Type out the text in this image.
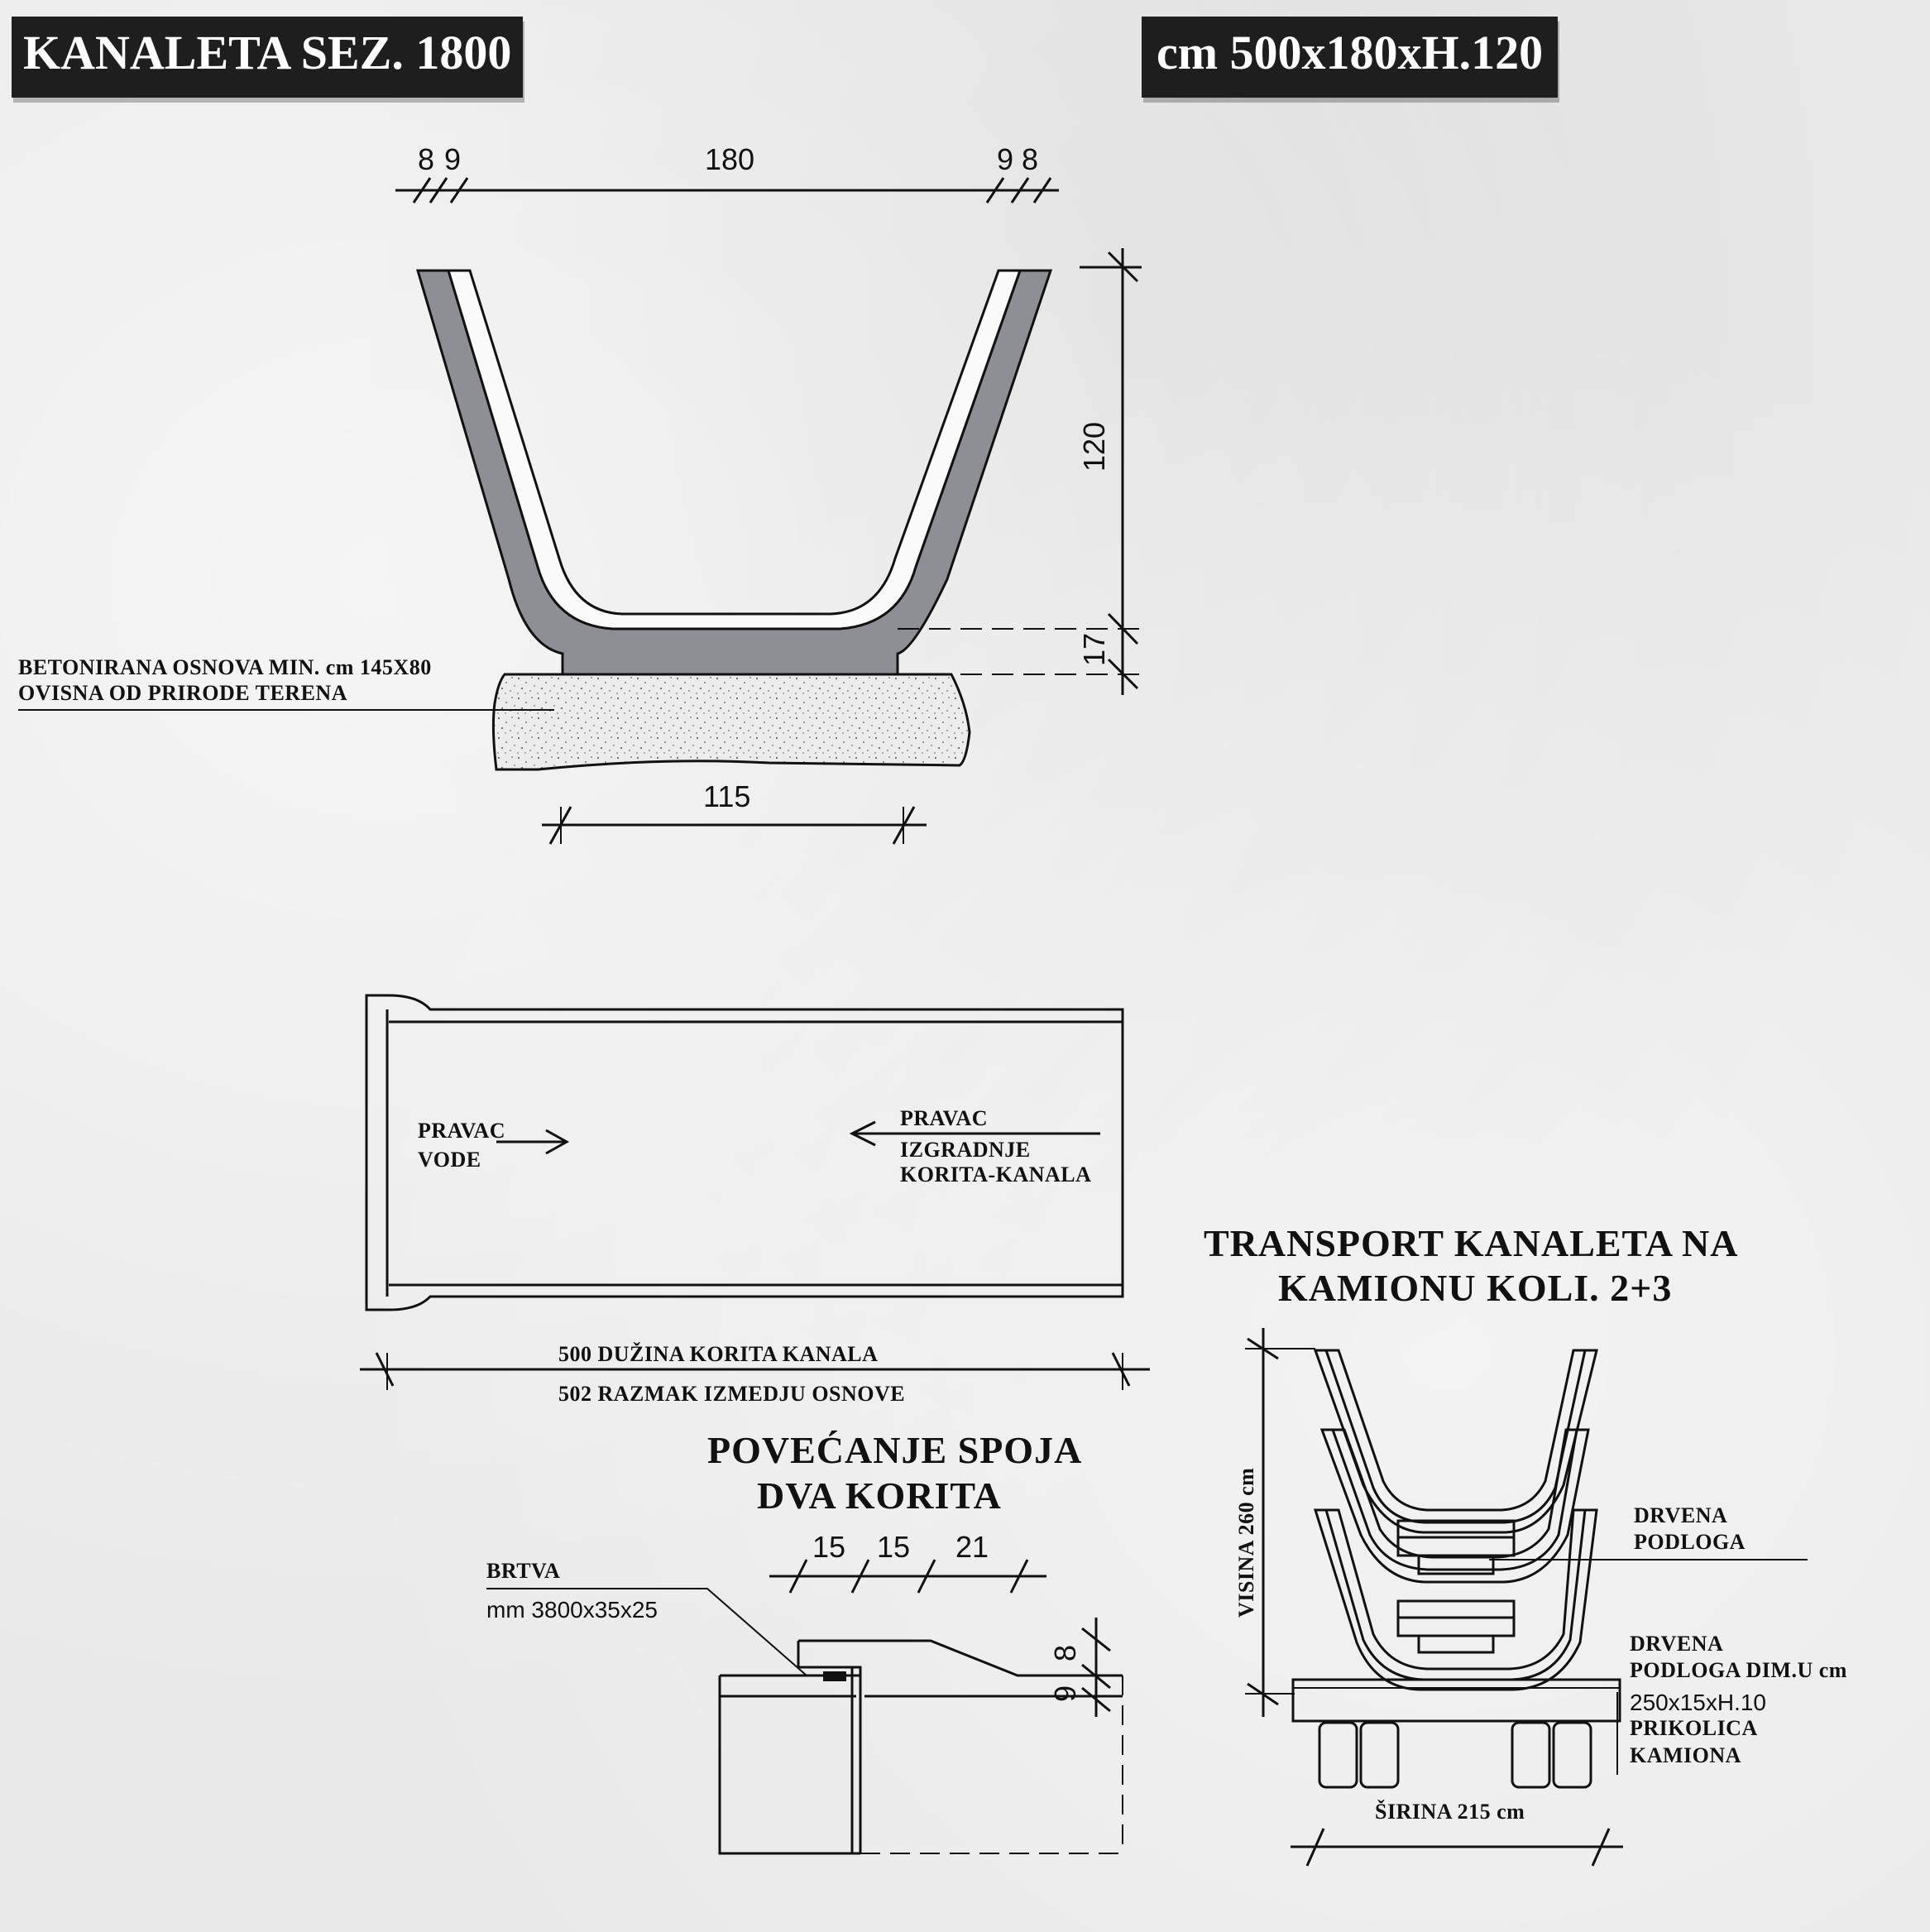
KANALETA SEZ. 1800	cm 500x180xH.120
8 9	180	9 8
120
17
115
BETONIRANA OSNOVA MIN. cm 145X80
OVISNA OD PRIRODE TERENA
PRAVAC
VODE
PRAVAC
IZGRADNJE
KORITA-KANALA
500 DUŽINA KORITA KANALA
502 RAZMAK IZMEDJU OSNOVE
POVEĆANJE SPOJA
DVA KORITA
15 15 21
8
9
BRTVA
mm 3800x35x25
TRANSPORT KANALETA NA
KAMIONU KOLI. 2+3
VISINA 260 cm
ŠIRINA 215 cm
DRVENA
PODLOGA
DRVENA
PODLOGA DIM.U cm
250x15xH.10
PRIKOLICA
KAMIONA
